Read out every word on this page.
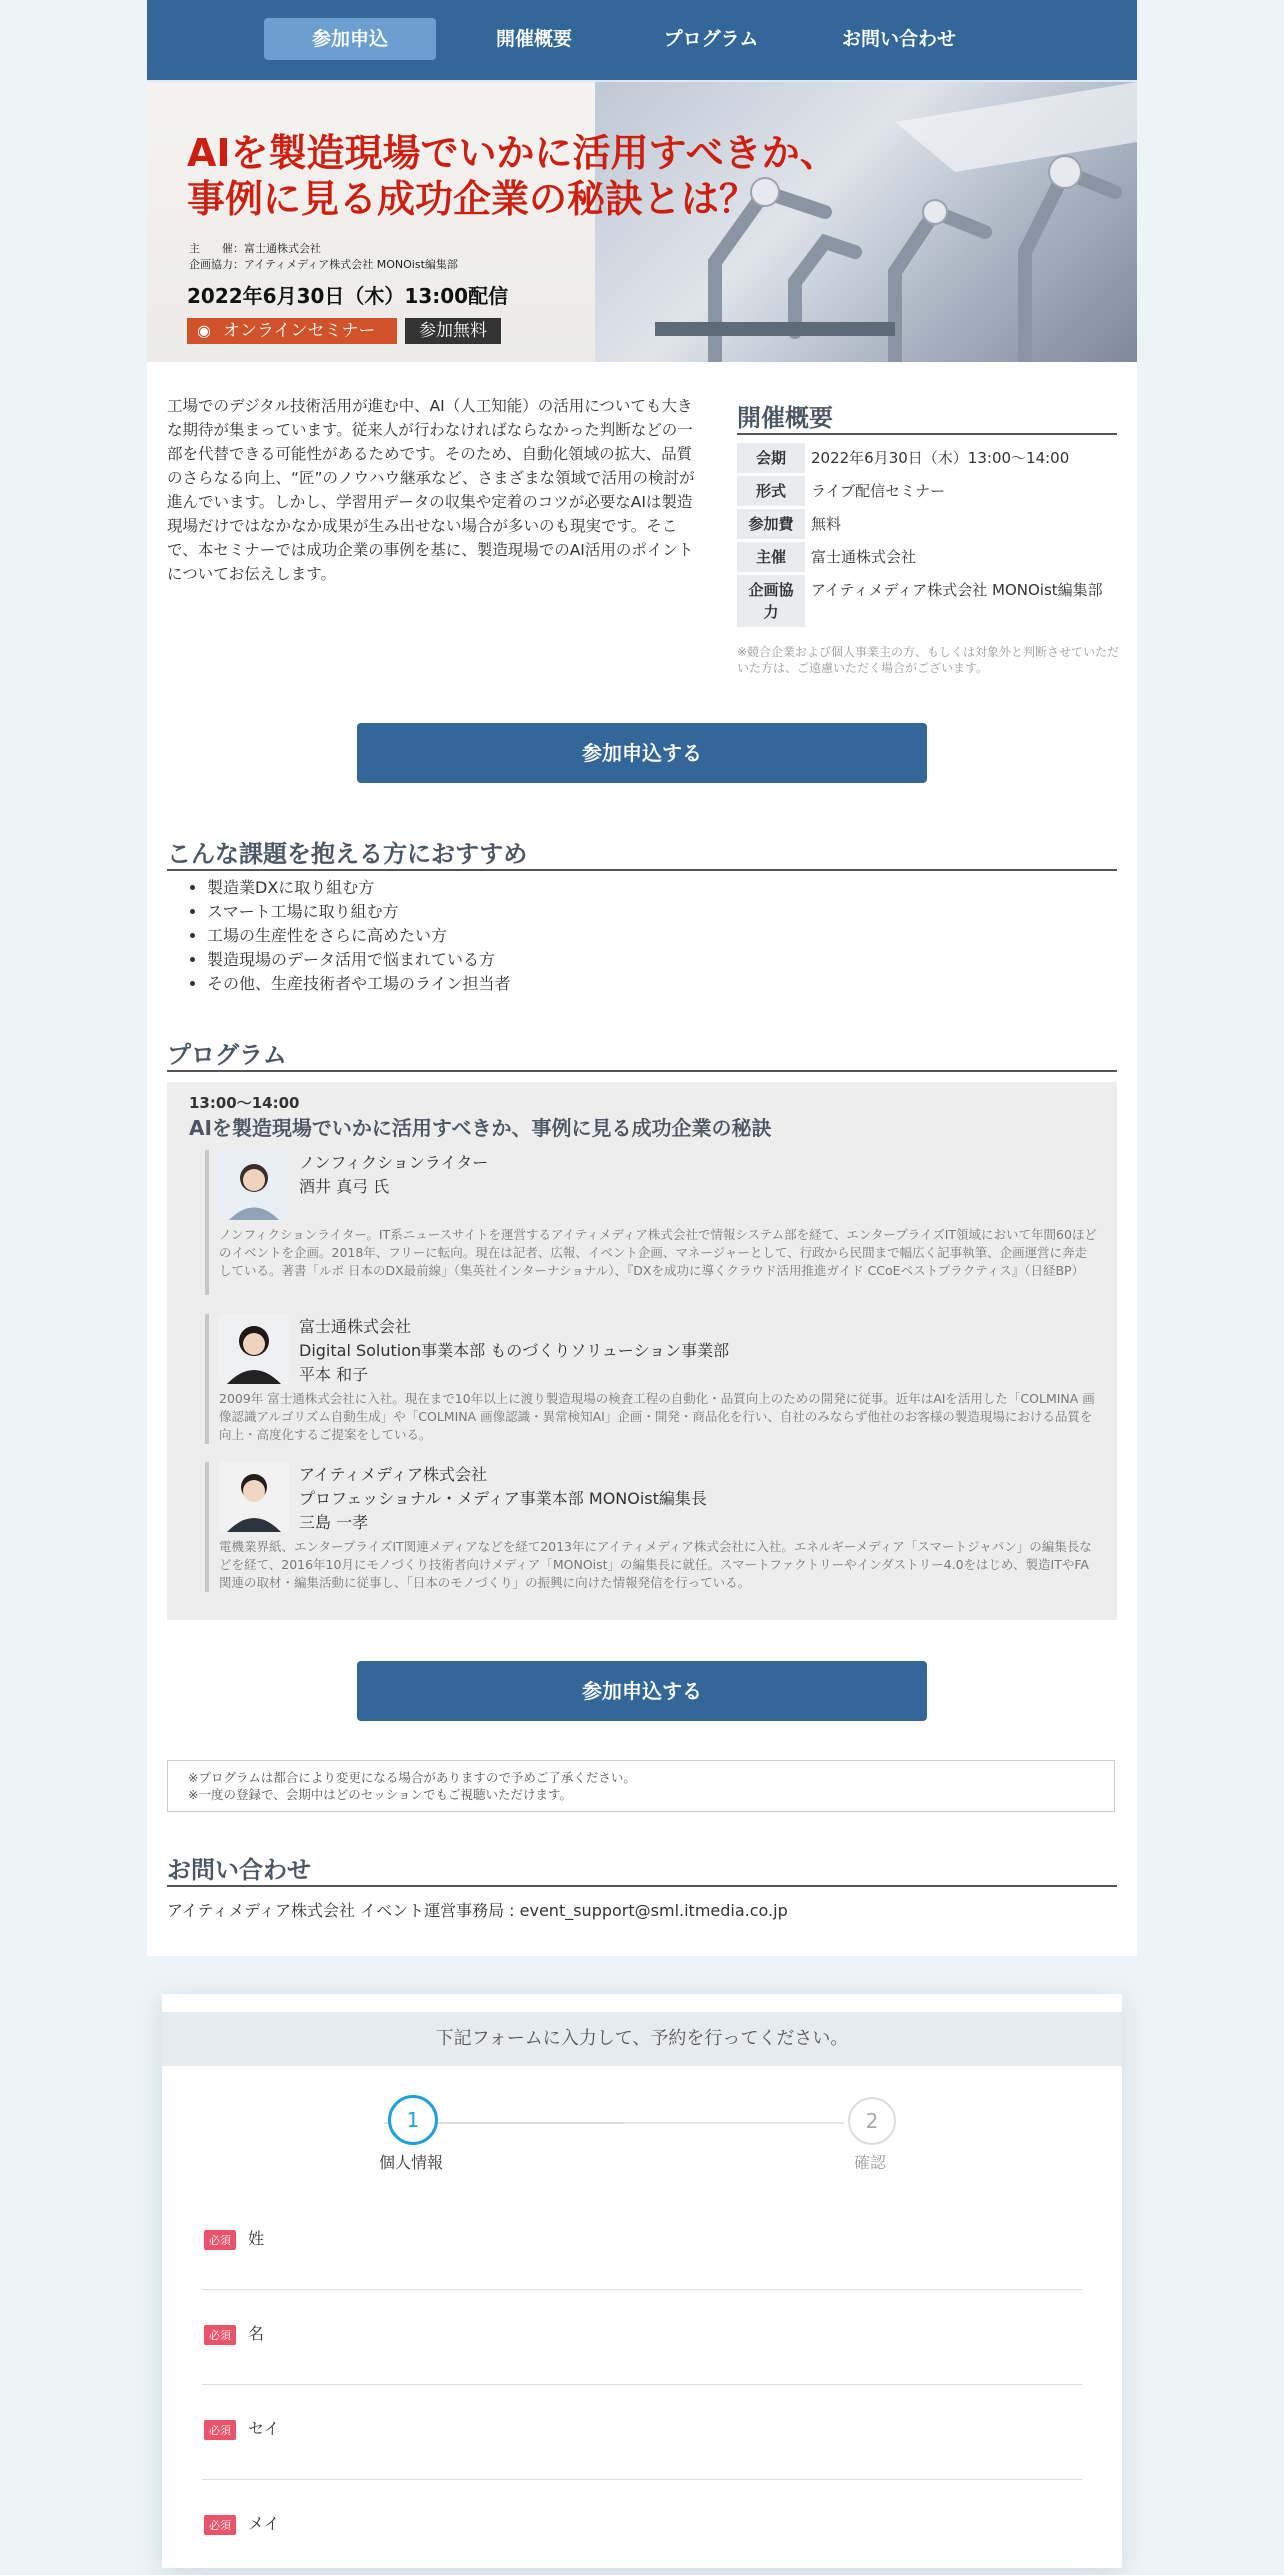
参加申込	開催概要	プログラム	お問い合わせ
AIを製造現場でいかに活用すべきか、
事例に見る成功企業の秘訣とは？
主　　催：富士通株式会社
企画協力：アイティメディア株式会社 MONOist編集部
2022年6月30日（木）13:00配信
◉ オンラインセミナー	参加無料
工場でのデジタル技術活用が進む中、AI（人工知能）の活用についても大きな期待が集まっています。従来人が行わなければならなかった判断などの一部を代替できる可能性があるためです。そのため、自動化領域の拡大、品質のさらなる向上、“匠”のノウハウ継承など、さまざまな領域で活用の検討が進んでいます。しかし、学習用データの収集や定着のコツが必要なAIは製造現場だけではなかなか成果が生み出せない場合が多いのも現実です。そこで、本セミナーでは成功企業の事例を基に、製造現場でのAI活用のポイントについてお伝えします。
開催概要
会期	2022年6月30日（木）13:00～14:00
形式	ライブ配信セミナー
参加費	無料
主催	富士通株式会社
企画協力	アイティメディア株式会社 MONOist編集部
※競合企業および個人事業主の方、もしくは対象外と判断させていただいた方は、ご遠慮いただく場合がございます。
参加申込する
こんな課題を抱える方におすすめ
• 製造業DXに取り組む方
• スマート工場に取り組む方
• 工場の生産性をさらに高めたい方
• 製造現場のデータ活用で悩まれている方
• その他、生産技術者や工場のライン担当者
プログラム
13:00～14:00
AIを製造現場でいかに活用すべきか、事例に見る成功企業の秘訣
ノンフィクションライター
酒井 真弓 氏
ノンフィクションライター。IT系ニュースサイトを運営するアイティメディア株式会社で情報システム部を経て、エンタープライズIT領域において年間60ほどのイベントを企画。2018年、フリーに転向。現在は記者、広報、イベント企画、マネージャーとして、行政から民間まで幅広く記事執筆、企画運営に奔走している。著書「ルポ 日本のDX最前線」（集英社インターナショナル）、『DXを成功に導くクラウド活用推進ガイド CCoEベストプラクティス』（日経BP）
富士通株式会社
Digital Solution事業本部 ものづくりソリューション事業部
平本 和子
2009年 富士通株式会社に入社。現在まで10年以上に渡り製造現場の検査工程の自動化・品質向上のための開発に従事。近年はAIを活用した「COLMINA 画像認識アルゴリズム自動生成」や「COLMINA 画像認識・異常検知AI」企画・開発・商品化を行い、自社のみならず他社のお客様の製造現場における品質を向上・高度化するご提案をしている。
アイティメディア株式会社
プロフェッショナル・メディア事業本部 MONOist編集長
三島 一孝
電機業界紙、エンタープライズIT関連メディアなどを経て2013年にアイティメディア株式会社に入社。エネルギーメディア「スマートジャパン」の編集長などを経て、2016年10月にモノづくり技術者向けメディア「MONOist」の編集長に就任。スマートファクトリーやインダストリー4.0をはじめ、製造ITやFA関連の取材・編集活動に従事し、「日本のモノづくり」の振興に向けた情報発信を行っている。
参加申込する
※プログラムは都合により変更になる場合がありますので予めご了承ください。
※一度の登録で、会期中はどのセッションでもご視聴いただけます。
お問い合わせ
アイティメディア株式会社 イベント運営事務局 : event_support@sml.itmedia.co.jp
下記フォームに入力して、予約を行ってください。
1
個人情報
2
確認
必須	姓
必須	名
必須	セイ
必須	メイ
